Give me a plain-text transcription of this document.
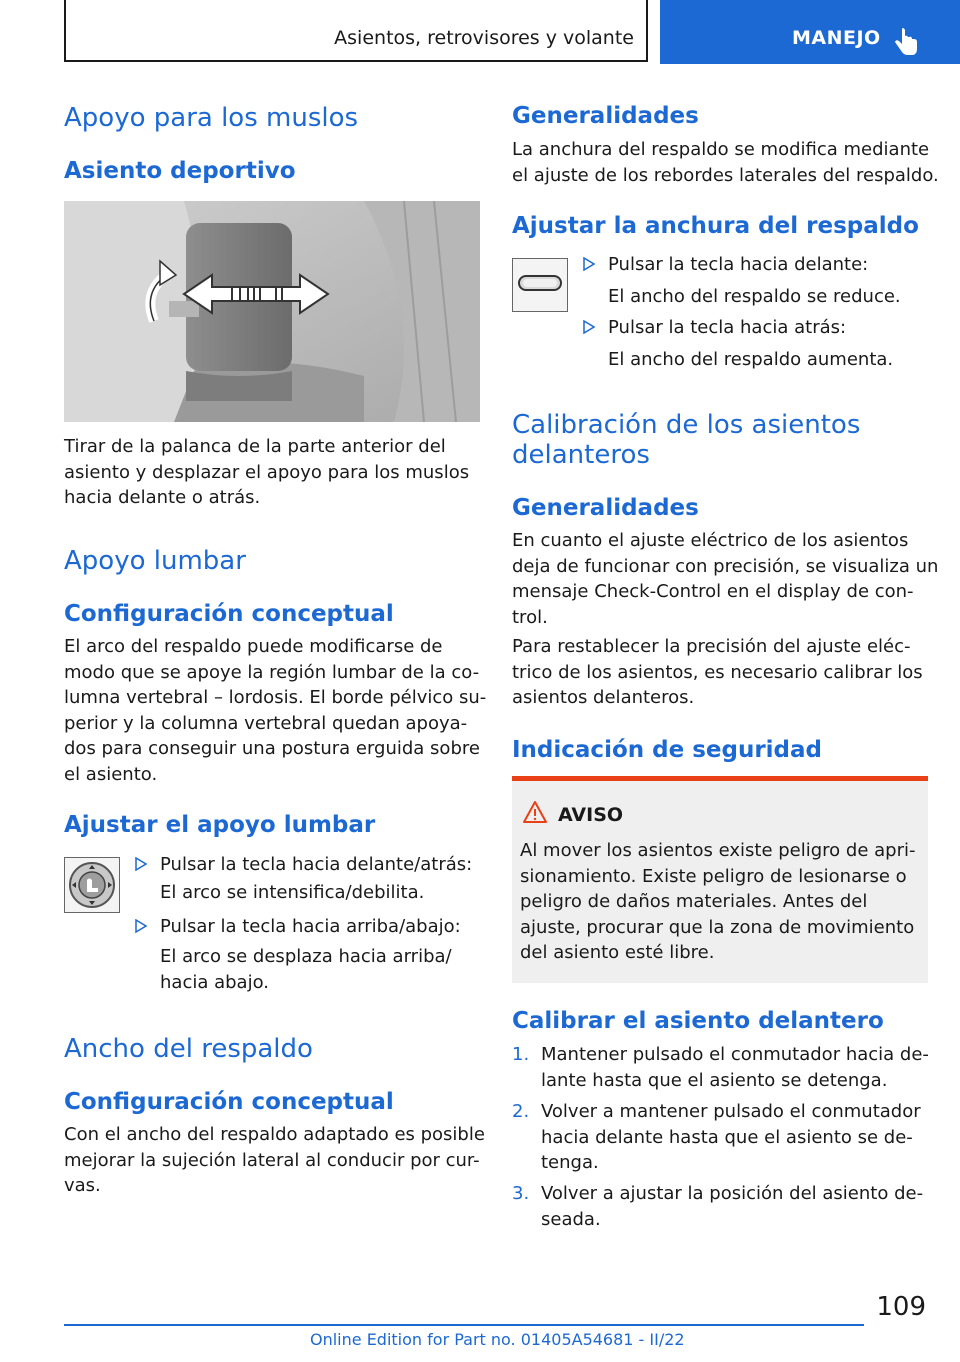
Asientos, retrovisores y volante	MANEJO
Apoyo para los muslos
Asiento deportivo
Tirar de la palanca de la parte anterior del
asiento y desplazar el apoyo para los muslos
hacia delante o atrás.
Apoyo lumbar
Configuración conceptual
El arco del respaldo puede modificarse de
modo que se apoye la región lumbar de la co-
lumna vertebral – lordosis. El borde pélvico su-
perior y la columna vertebral quedan apoya-
dos para conseguir una postura erguida sobre
el asiento.
Ajustar el apoyo lumbar
Pulsar la tecla hacia delante/atrás:
El arco se intensifica/debilita.
Pulsar la tecla hacia arriba/abajo:
El arco se desplaza hacia arriba/
hacia abajo.
Ancho del respaldo
Configuración conceptual
Con el ancho del respaldo adaptado es posible
mejorar la sujeción lateral al conducir por cur-
vas.
Generalidades
La anchura del respaldo se modifica mediante
el ajuste de los rebordes laterales del respaldo.
Ajustar la anchura del respaldo
Pulsar la tecla hacia delante:
El ancho del respaldo se reduce.
Pulsar la tecla hacia atrás:
El ancho del respaldo aumenta.
Calibración de los asientos
delanteros
Generalidades
En cuanto el ajuste eléctrico de los asientos
deja de funcionar con precisión, se visualiza un
mensaje Check-Control en el display de con-
trol.
Para restablecer la precisión del ajuste eléc-
trico de los asientos, es necesario calibrar los
asientos delanteros.
Indicación de seguridad
AVISO
Al mover los asientos existe peligro de apri-
sionamiento. Existe peligro de lesionarse o
peligro de daños materiales. Antes del
ajuste, procurar que la zona de movimiento
del asiento esté libre.
Calibrar el asiento delantero
1. Mantener pulsado el conmutador hacia de-
lante hasta que el asiento se detenga.
2. Volver a mantener pulsado el conmutador
hacia delante hasta que el asiento se de-
tenga.
3. Volver a ajustar la posición del asiento de-
seada.
109
Online Edition for Part no. 01405A54681 - II/22
